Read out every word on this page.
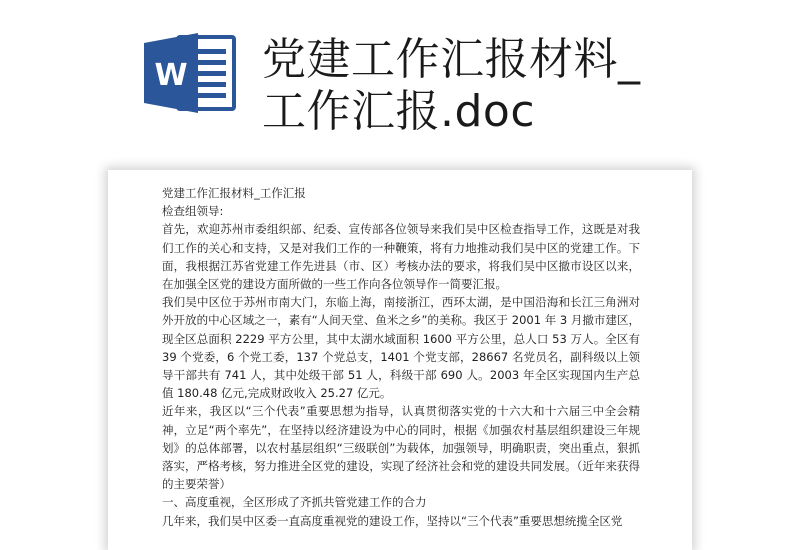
W 党建工作汇报材料_
工作汇报.doc

党建工作汇报材料_工作汇报

检查组领导:

首先，欢迎苏州市委组织部、纪委、宣传部各位领导来我们吴中区检查指导工作，这既是对我们工作的关心和支持，又是对我们工作的一种鞭策，将有力地推动我们吴中区的党建工作。下面，我根据江苏省党建工作先进县（市、区）考核办法的要求，将我们吴中区撤市设区以来，在加强全区党的建设方面所做的一些工作向各位领导作一简要汇报。

我们吴中区位于苏州市南大门，东临上海，南接浙江，西环太湖，是中国沿海和长江三角洲对外开放的中心区域之一，素有“人间天堂、鱼米之乡”的美称。我区于 2001 年 3 月撤市建区，现全区总面积 2229 平方公里，其中太湖水域面积 1600 平方公里，总人口 53 万人。全区有 39 个党委，6 个党工委，137 个党总支，1401 个党支部，28667 名党员名，副科级以上领导干部共有 741 人，其中处级干部 51 人，科级干部 690 人。2003 年全区实现国内生产总值 180.48 亿元,完成财政收入 25.27 亿元。

近年来，我区以“三个代表”重要思想为指导，认真贯彻落实党的十六大和十六届三中全会精神，立足“两个率先”，在坚持以经济建设为中心的同时，根据《加强农村基层组织建设三年规划》的总体部署，以农村基层组织“三级联创”为载体，加强领导，明确职责，突出重点，狠抓落实，严格考核，努力推进全区党的建设，实现了经济社会和党的建设共同发展。（近年来获得的主要荣誉）

一、高度重视，全区形成了齐抓共管党建工作的合力

几年来，我们吴中区委一直高度重视党的建设工作，坚持以“三个代表”重要思想统揽全区党
